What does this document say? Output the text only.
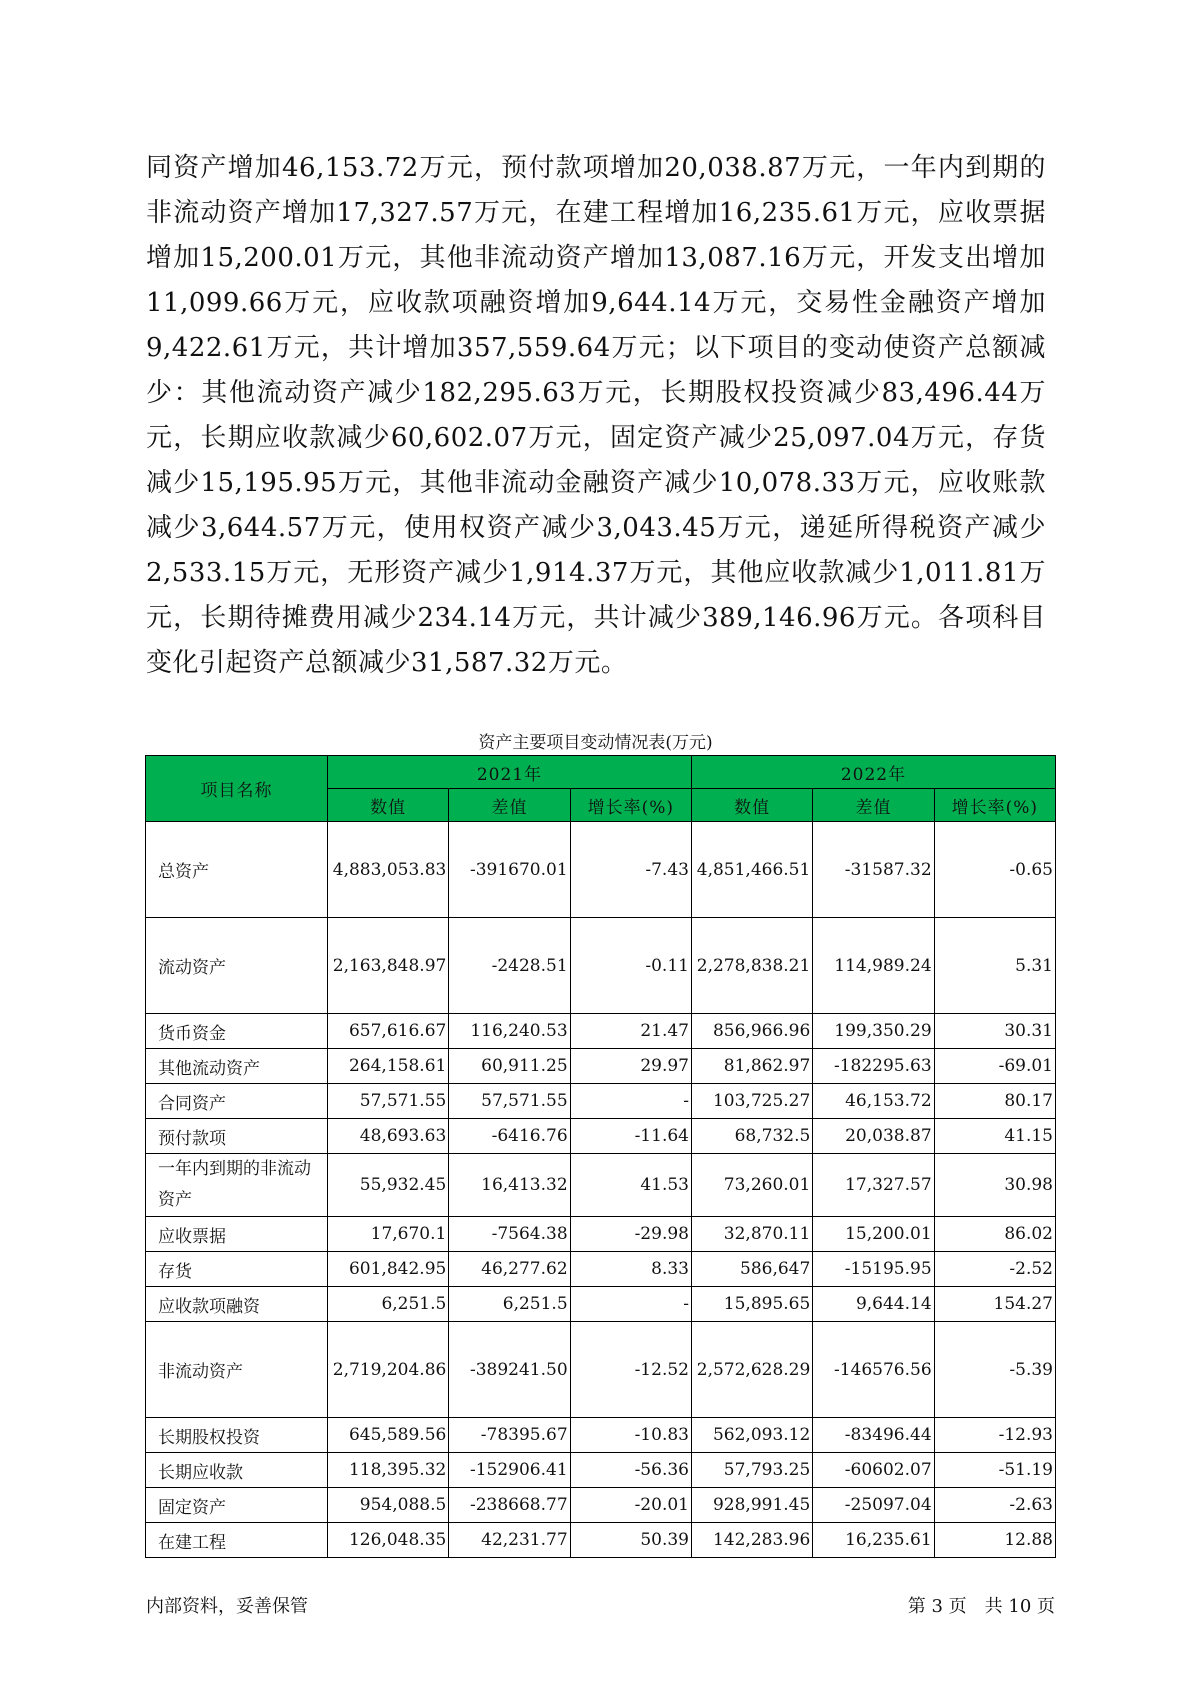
同资产增加46,153.72万元，预付款项增加20,038.87万元，一年内到期的非流动资产增加17,327.57万元，在建工程增加16,235.61万元，应收票据增加15,200.01万元，其他非流动资产增加13,087.16万元，开发支出增加11,099.66万元，应收款项融资增加9,644.14万元，交易性金融资产增加9,422.61万元，共计增加357,559.64万元；以下项目的变动使资产总额减少：其他流动资产减少182,295.63万元，长期股权投资减少83,496.44万元，长期应收款减少60,602.07万元，固定资产减少25,097.04万元，存货减少15,195.95万元，其他非流动金融资产减少10,078.33万元，应收账款减少3,644.57万元，使用权资产减少3,043.45万元，递延所得税资产减少2,533.15万元，无形资产减少1,914.37万元，其他应收款减少1,011.81万元，长期待摊费用减少234.14万元，共计减少389,146.96万元。各项科目变化引起资产总额减少31,587.32万元。

资产主要项目变动情况表(万元)
项目名称	2021年			2022年		
	数值	差值	增长率(%)	数值	差值	增长率(%)
总资产	4,883,053.83	-391670.01	-7.43	4,851,466.51	-31587.32	-0.65
流动资产	2,163,848.97	-2428.51	-0.11	2,278,838.21	114,989.24	5.31
货币资金	657,616.67	116,240.53	21.47	856,966.96	199,350.29	30.31
其他流动资产	264,158.61	60,911.25	29.97	81,862.97	-182295.63	-69.01
合同资产	57,571.55	57,571.55	-	103,725.27	46,153.72	80.17
预付款项	48,693.63	-6416.76	-11.64	68,732.5	20,038.87	41.15
一年内到期的非流动资产	55,932.45	16,413.32	41.53	73,260.01	17,327.57	30.98
应收票据	17,670.1	-7564.38	-29.98	32,870.11	15,200.01	86.02
存货	601,842.95	46,277.62	8.33	586,647	-15195.95	-2.52
应收款项融资	6,251.5	6,251.5	-	15,895.65	9,644.14	154.27
非流动资产	2,719,204.86	-389241.50	-12.52	2,572,628.29	-146576.56	-5.39
长期股权投资	645,589.56	-78395.67	-10.83	562,093.12	-83496.44	-12.93
长期应收款	118,395.32	-152906.41	-56.36	57,793.25	-60602.07	-51.19
固定资产	954,088.5	-238668.77	-20.01	928,991.45	-25097.04	-2.63
在建工程	126,048.35	42,231.77	50.39	142,283.96	16,235.61	12.88
内部资料，妥善保管	第 3 页　共 10 页
